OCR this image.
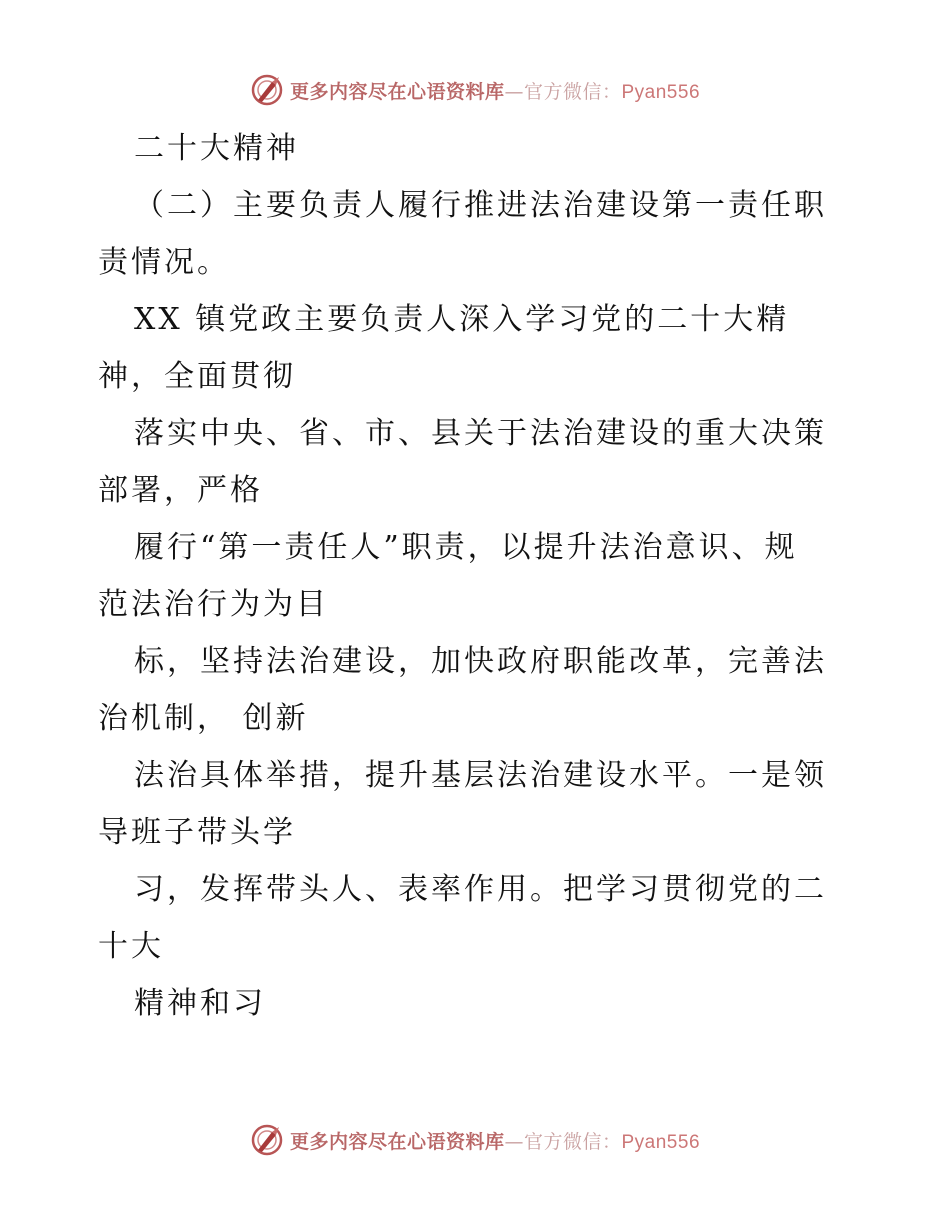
更多内容尽在心语资料库—官方微信：Pyan556
二十大精神
（二）主要负责人履行推进法治建设第一责任职
责情况。
XX 镇党政主要负责人深入学习党的二十大精
神，全面贯彻
落实中央、省、市、县关于法治建设的重大决策
部署，严格
履行“第一责任人”职责，以提升法治意识、规
范法治行为为目
标，坚持法治建设，加快政府职能改革，完善法
治机制， 创新
法治具体举措，提升基层法治建设水平。一是领
导班子带头学
习，发挥带头人、表率作用。把学习贯彻党的二
十大
精神和习
更多内容尽在心语资料库—官方微信：Pyan556
